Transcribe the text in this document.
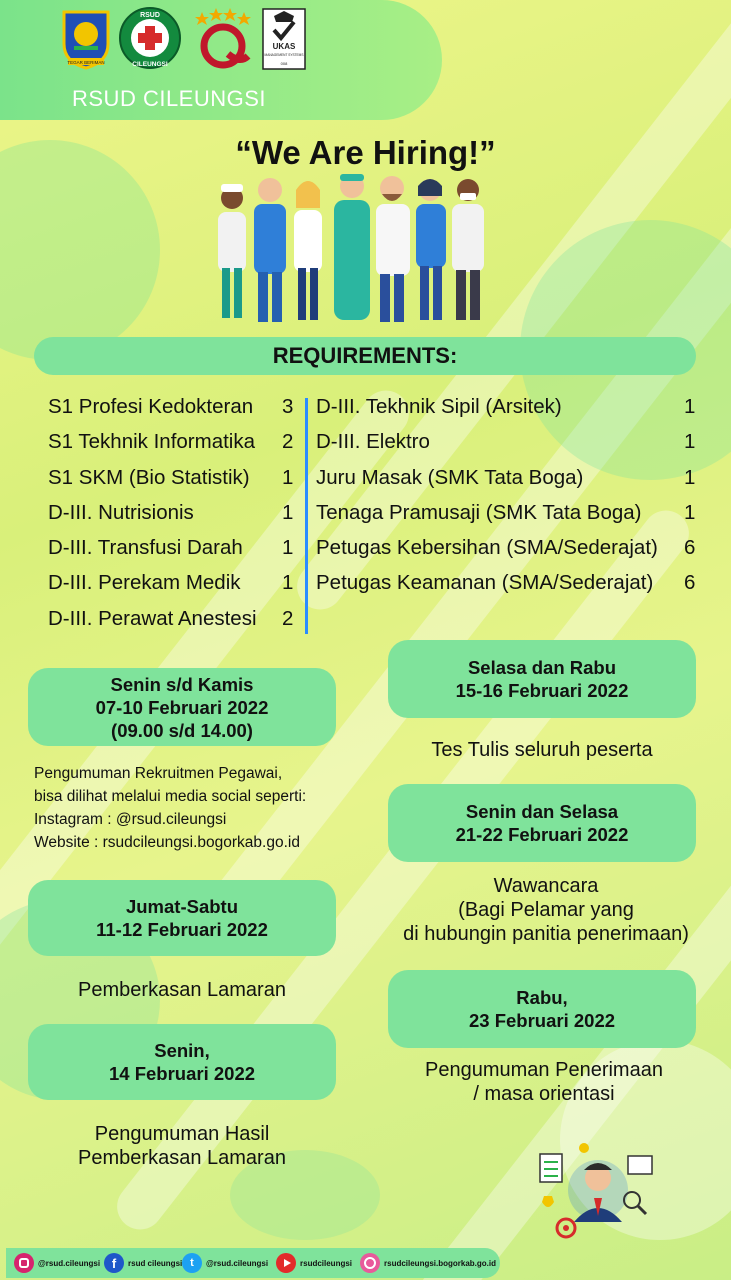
TEGAR BERIMAN
RSUD
CILEUNGSI
UKAS
MANAGEMENT SYSTEMS
008
RSUD CILEUNGSI
“We Are Hiring!”
REQUIREMENTS:
S1 Profesi Kedokteran 3
S1 Tekhnik Informatika 2
S1 SKM (Bio Statistik) 1
D-III. Nutrisionis	1
D-III. Transfusi Darah 1
D-III. Perekam Medik 1
D-III. Perawat Anestesi 2
D-III. Tekhnik Sipil (Arsitek)	1
D-III. Elektro	1
Juru Masak (SMK Tata Boga)	1
Tenaga Pramusaji (SMK Tata Boga) 1
Petugas Kebersihan (SMA/Sederajat) 6
Petugas Keamanan (SMA/Sederajat) 6
Senin s/d Kamis
07-10 Februari 2022
(09.00 s/d 14.00)
Pengumuman Rekruitmen Pegawai,
bisa dilihat melalui media social seperti:
Instagram : @rsud.cileungsi
Website : rsudcileungsi.bogorkab.go.id
Jumat-Sabtu
11-12 Februari 2022
Pemberkasan Lamaran
Senin,
14 Februari 2022
Pengumuman Hasil
Pemberkasan Lamaran
Selasa dan Rabu
15-16 Februari 2022
Tes Tulis seluruh peserta
Senin dan Selasa
21-22 Februari 2022
Wawancara
(Bagi Pelamar yang
di hubungin panitia penerimaan)
Rabu,
23 Februari 2022
Pengumuman Penerimaan
/ masa orientasi
@rsud.cileungsi f	rsud cileungsi t	@rsud.cileungsi	rsudcileungsi	rsudcileungsi.bogorkab.go.id
